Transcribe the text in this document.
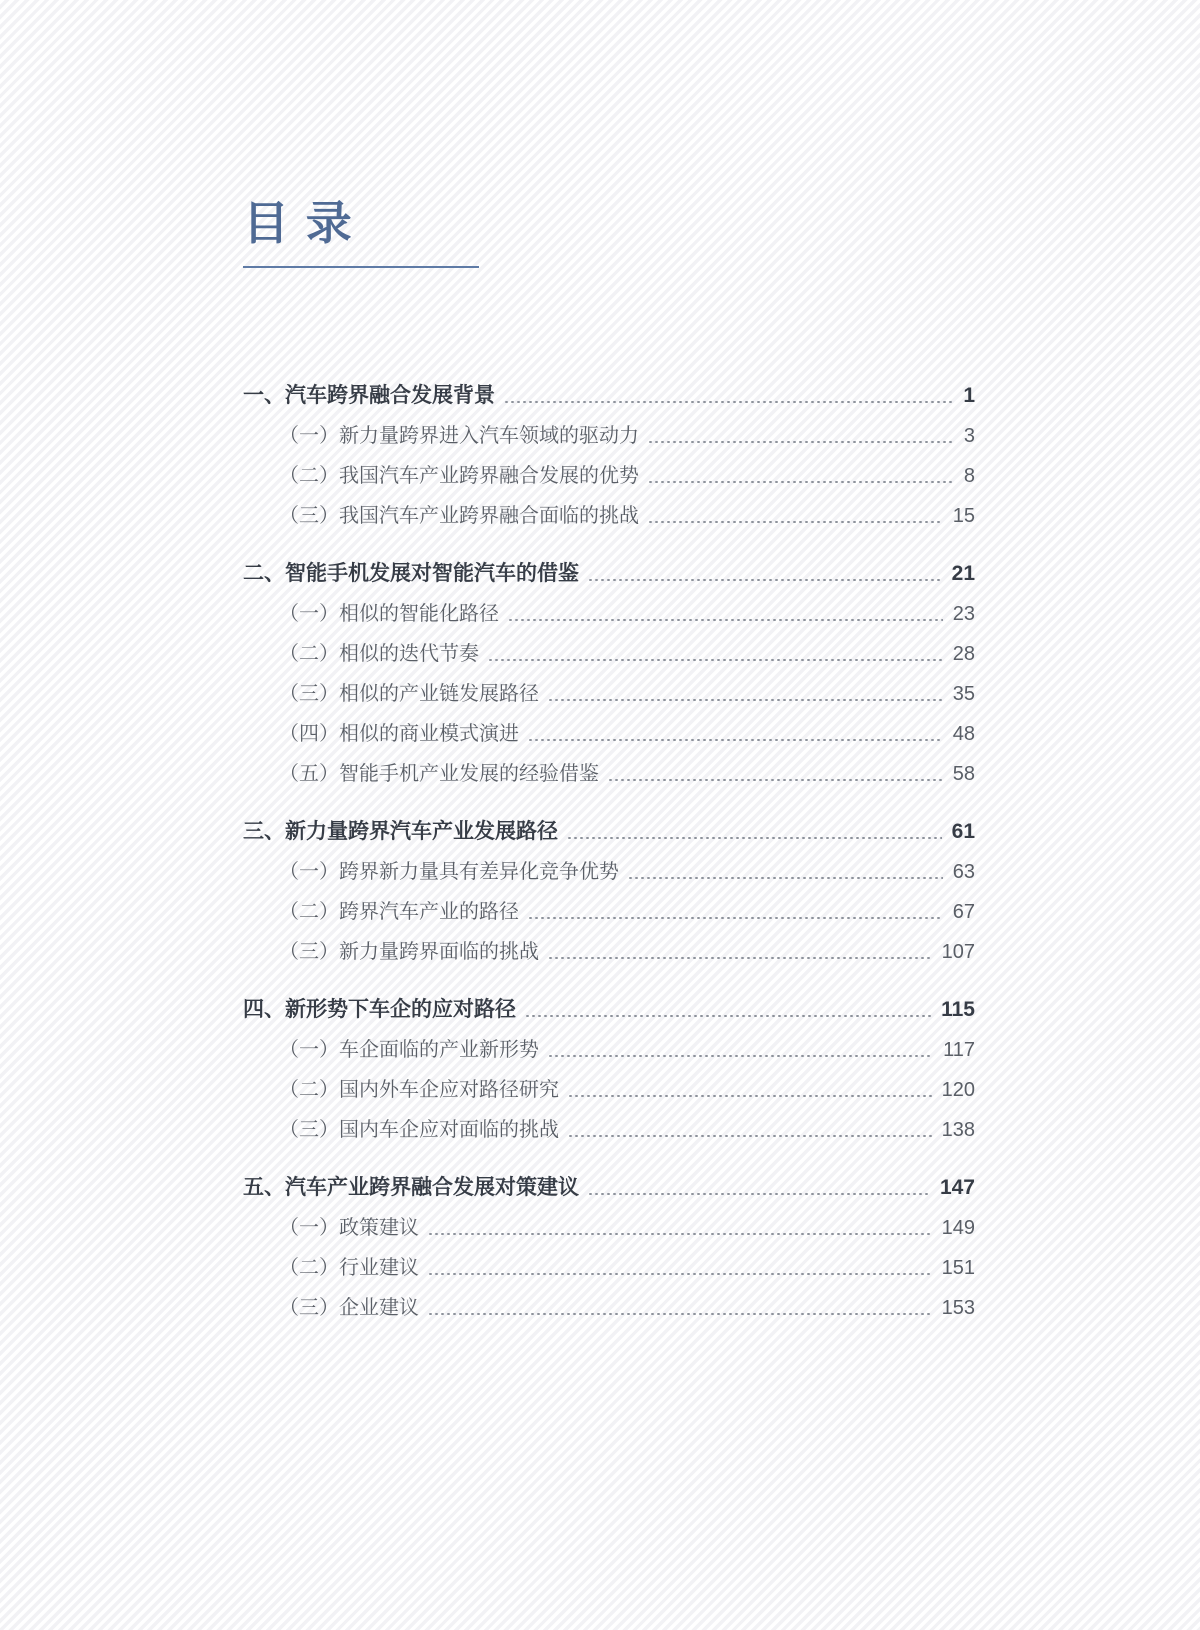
目 录
一、汽车跨界融合发展背景	1
（一）新力量跨界进入汽车领域的驱动力	3
（二）我国汽车产业跨界融合发展的优势	8
（三）我国汽车产业跨界融合面临的挑战	15
二、智能手机发展对智能汽车的借鉴	21
（一）相似的智能化路径	23
（二）相似的迭代节奏	28
（三）相似的产业链发展路径	35
（四）相似的商业模式演进	48
（五）智能手机产业发展的经验借鉴	58
三、新力量跨界汽车产业发展路径	61
（一）跨界新力量具有差异化竞争优势	63
（二）跨界汽车产业的路径	67
（三）新力量跨界面临的挑战	107
四、新形势下车企的应对路径	115
（一）车企面临的产业新形势	117
（二）国内外车企应对路径研究	120
（三）国内车企应对面临的挑战	138
五、汽车产业跨界融合发展对策建议	147
（一）政策建议	149
（二）行业建议	151
（三）企业建议	153
